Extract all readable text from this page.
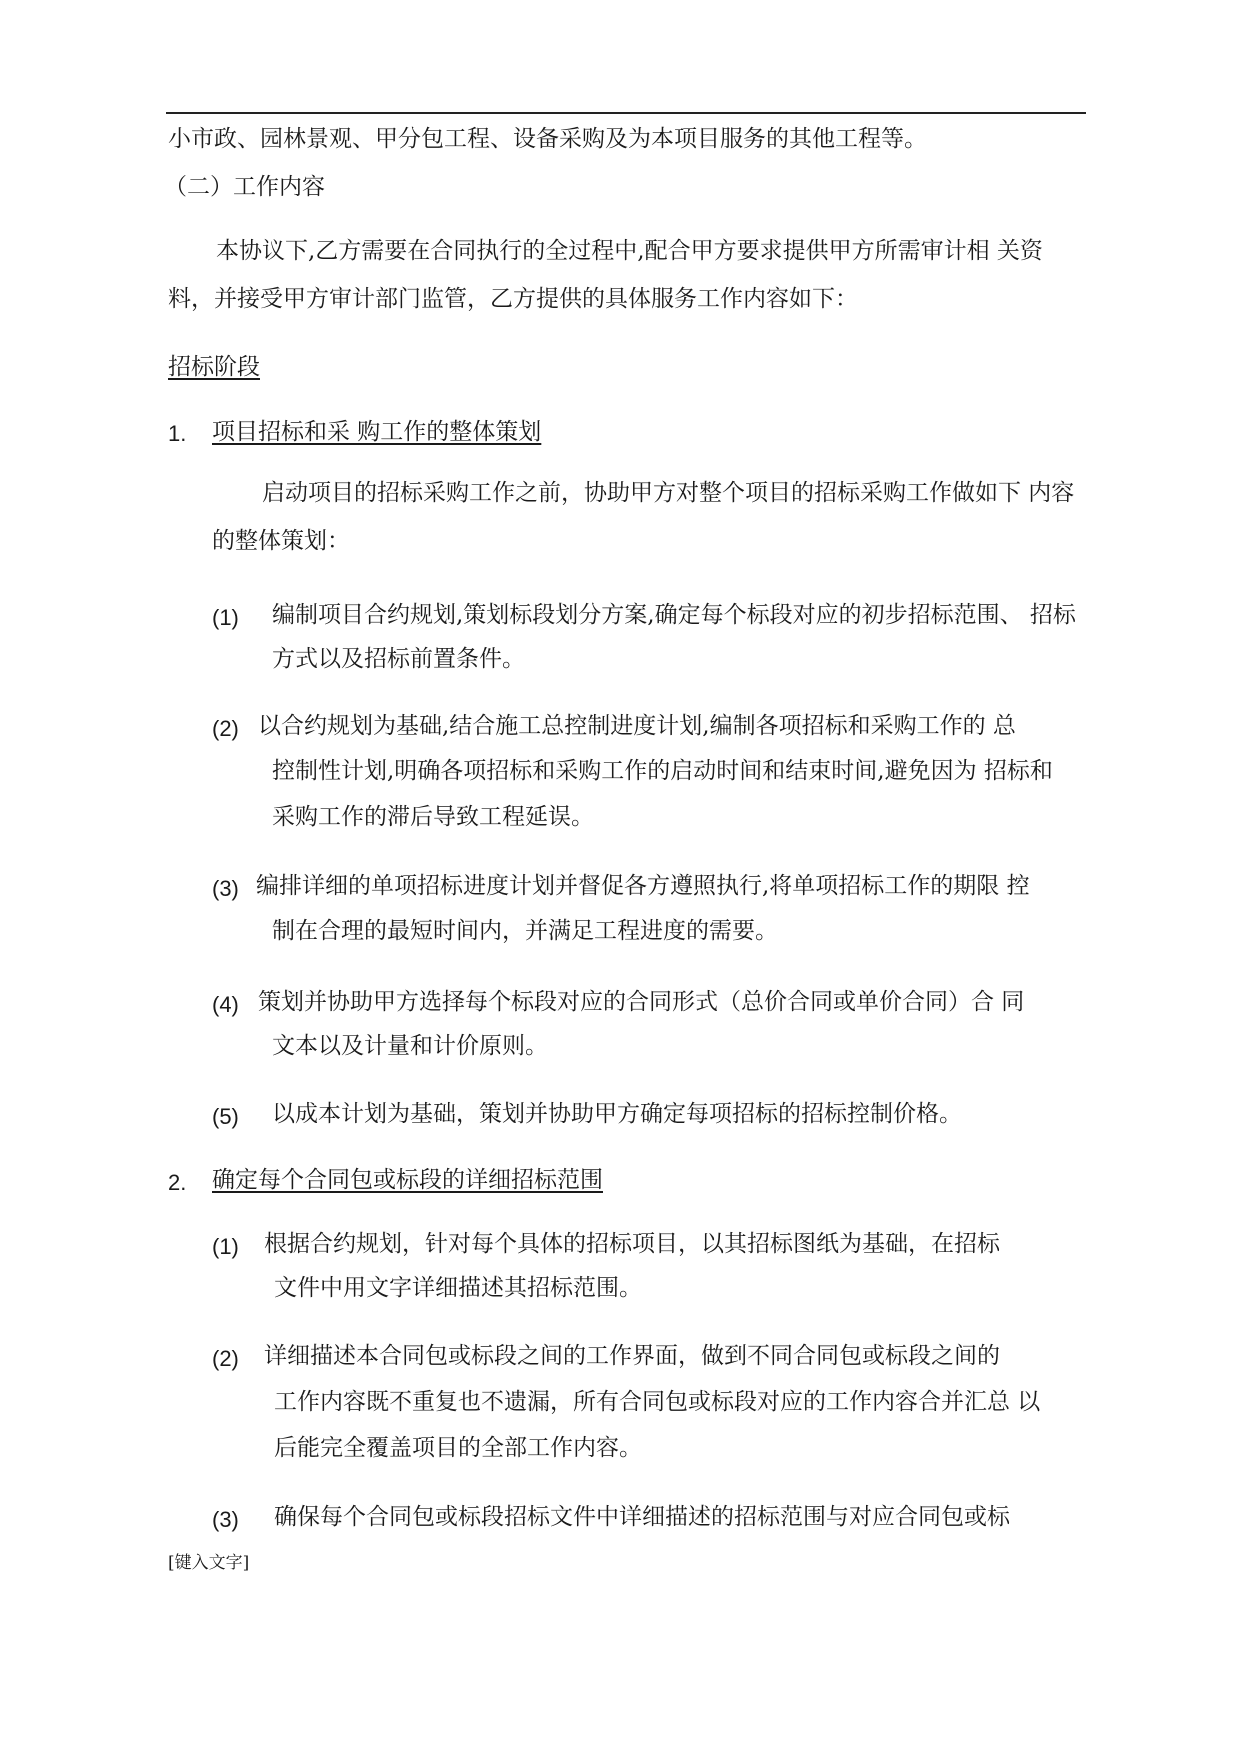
小市政、园林景观、甲分包工程、设备采购及为本项目服务的其他工程等。
（二）工作内容
本协议下,乙方需要在合同执行的全过程中,配合甲方要求提供甲方所需审计相 关资
料，并接受甲方审计部门监管，乙方提供的具体服务工作内容如下：
招标阶段
1. 项目招标和采 购工作的整体策划
启动项目的招标采购工作之前，协助甲方对整个项目的招标采购工作做如下 内容
的整体策划：
(1) 编制项目合约规划,策划标段划分方案,确定每个标段对应的初步招标范围、 招标
方式以及招标前置条件。
(2) 以合约规划为基础,结合施工总控制进度计划,编制各项招标和采购工作的 总
控制性计划,明确各项招标和采购工作的启动时间和结束时间,避免因为 招标和
采购工作的滞后导致工程延误。
(3) 编排详细的单项招标进度计划并督促各方遵照执行,将单项招标工作的期限 控
制在合理的最短时间内，并满足工程进度的需要。
(4) 策划并协助甲方选择每个标段对应的合同形式（总价合同或单价合同）合 同
文本以及计量和计价原则。
(5) 以成本计划为基础，策划并协助甲方确定每项招标的招标控制价格。
2. 确定每个合同包或标段的详细招标范围
(1) 根据合约规划，针对每个具体的招标项目，以其招标图纸为基础，在招标
文件中用文字详细描述其招标范围。
(2) 详细描述本合同包或标段之间的工作界面，做到不同合同包或标段之间的
工作内容既不重复也不遗漏，所有合同包或标段对应的工作内容合并汇总 以
后能完全覆盖项目的全部工作内容。
(3) 确保每个合同包或标段招标文件中详细描述的招标范围与对应合同包或标
[键入文字]
